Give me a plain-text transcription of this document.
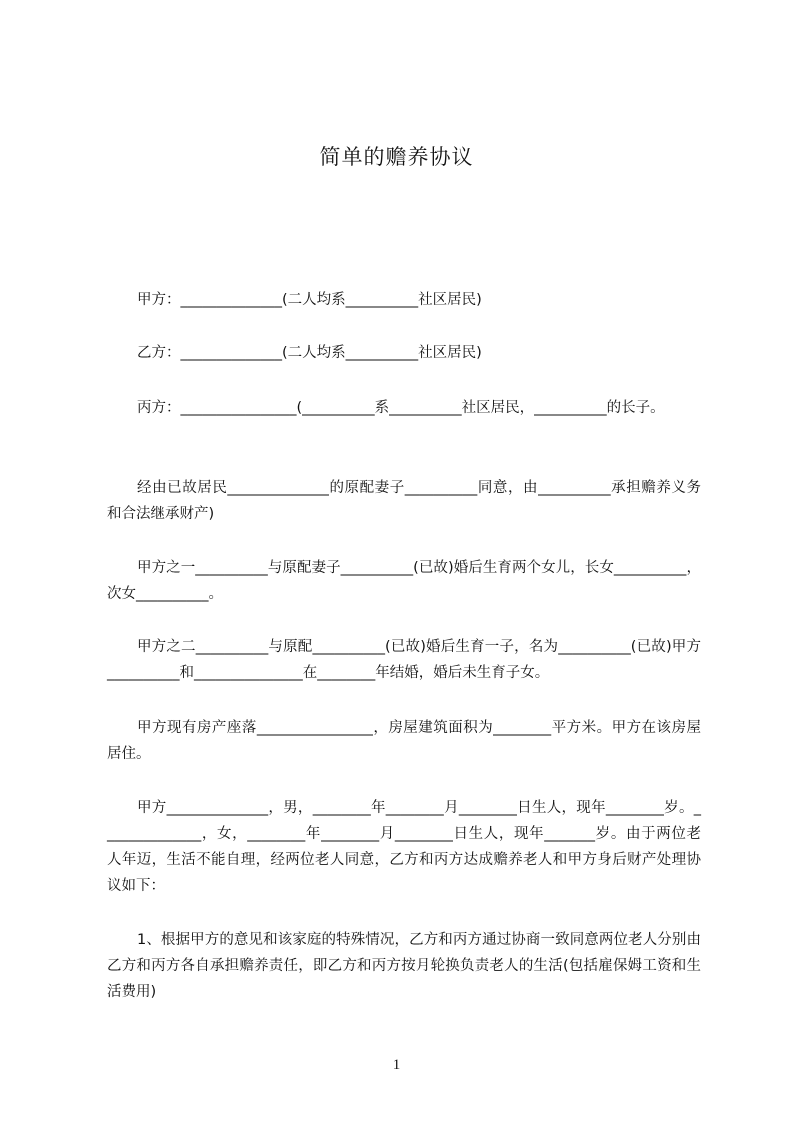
简单的赡养协议
甲方：______________(二人均系__________社区居民)
乙方：______________(二人均系__________社区居民)
丙方：________________(__________系__________社区居民，__________的长子。
经由已故居民______________的原配妻子__________同意，由__________承担赡养义务和合法继承财产)
甲方之一__________与原配妻子__________(已故)婚后生育两个女儿，长女__________，次女__________。
甲方之二__________与原配__________(已故)婚后生育一子，名为__________(已故)甲方__________和_______________在________年结婚，婚后未生育子女。
甲方现有房产座落________________，房屋建筑面积为________平方米。甲方在该房屋居住。
甲方______________，男，________年________月________日生人，现年________岁。______________，女，________年________月________日生人，现年_______岁。由于两位老人年迈，生活不能自理，经两位老人同意，乙方和丙方达成赡养老人和甲方身后财产处理协议如下：
1、根据甲方的意见和该家庭的特殊情况，乙方和丙方通过协商一致同意两位老人分别由乙方和丙方各自承担赡养责任，即乙方和丙方按月轮换负责老人的生活(包括雇保姆工资和生活费用)
1
